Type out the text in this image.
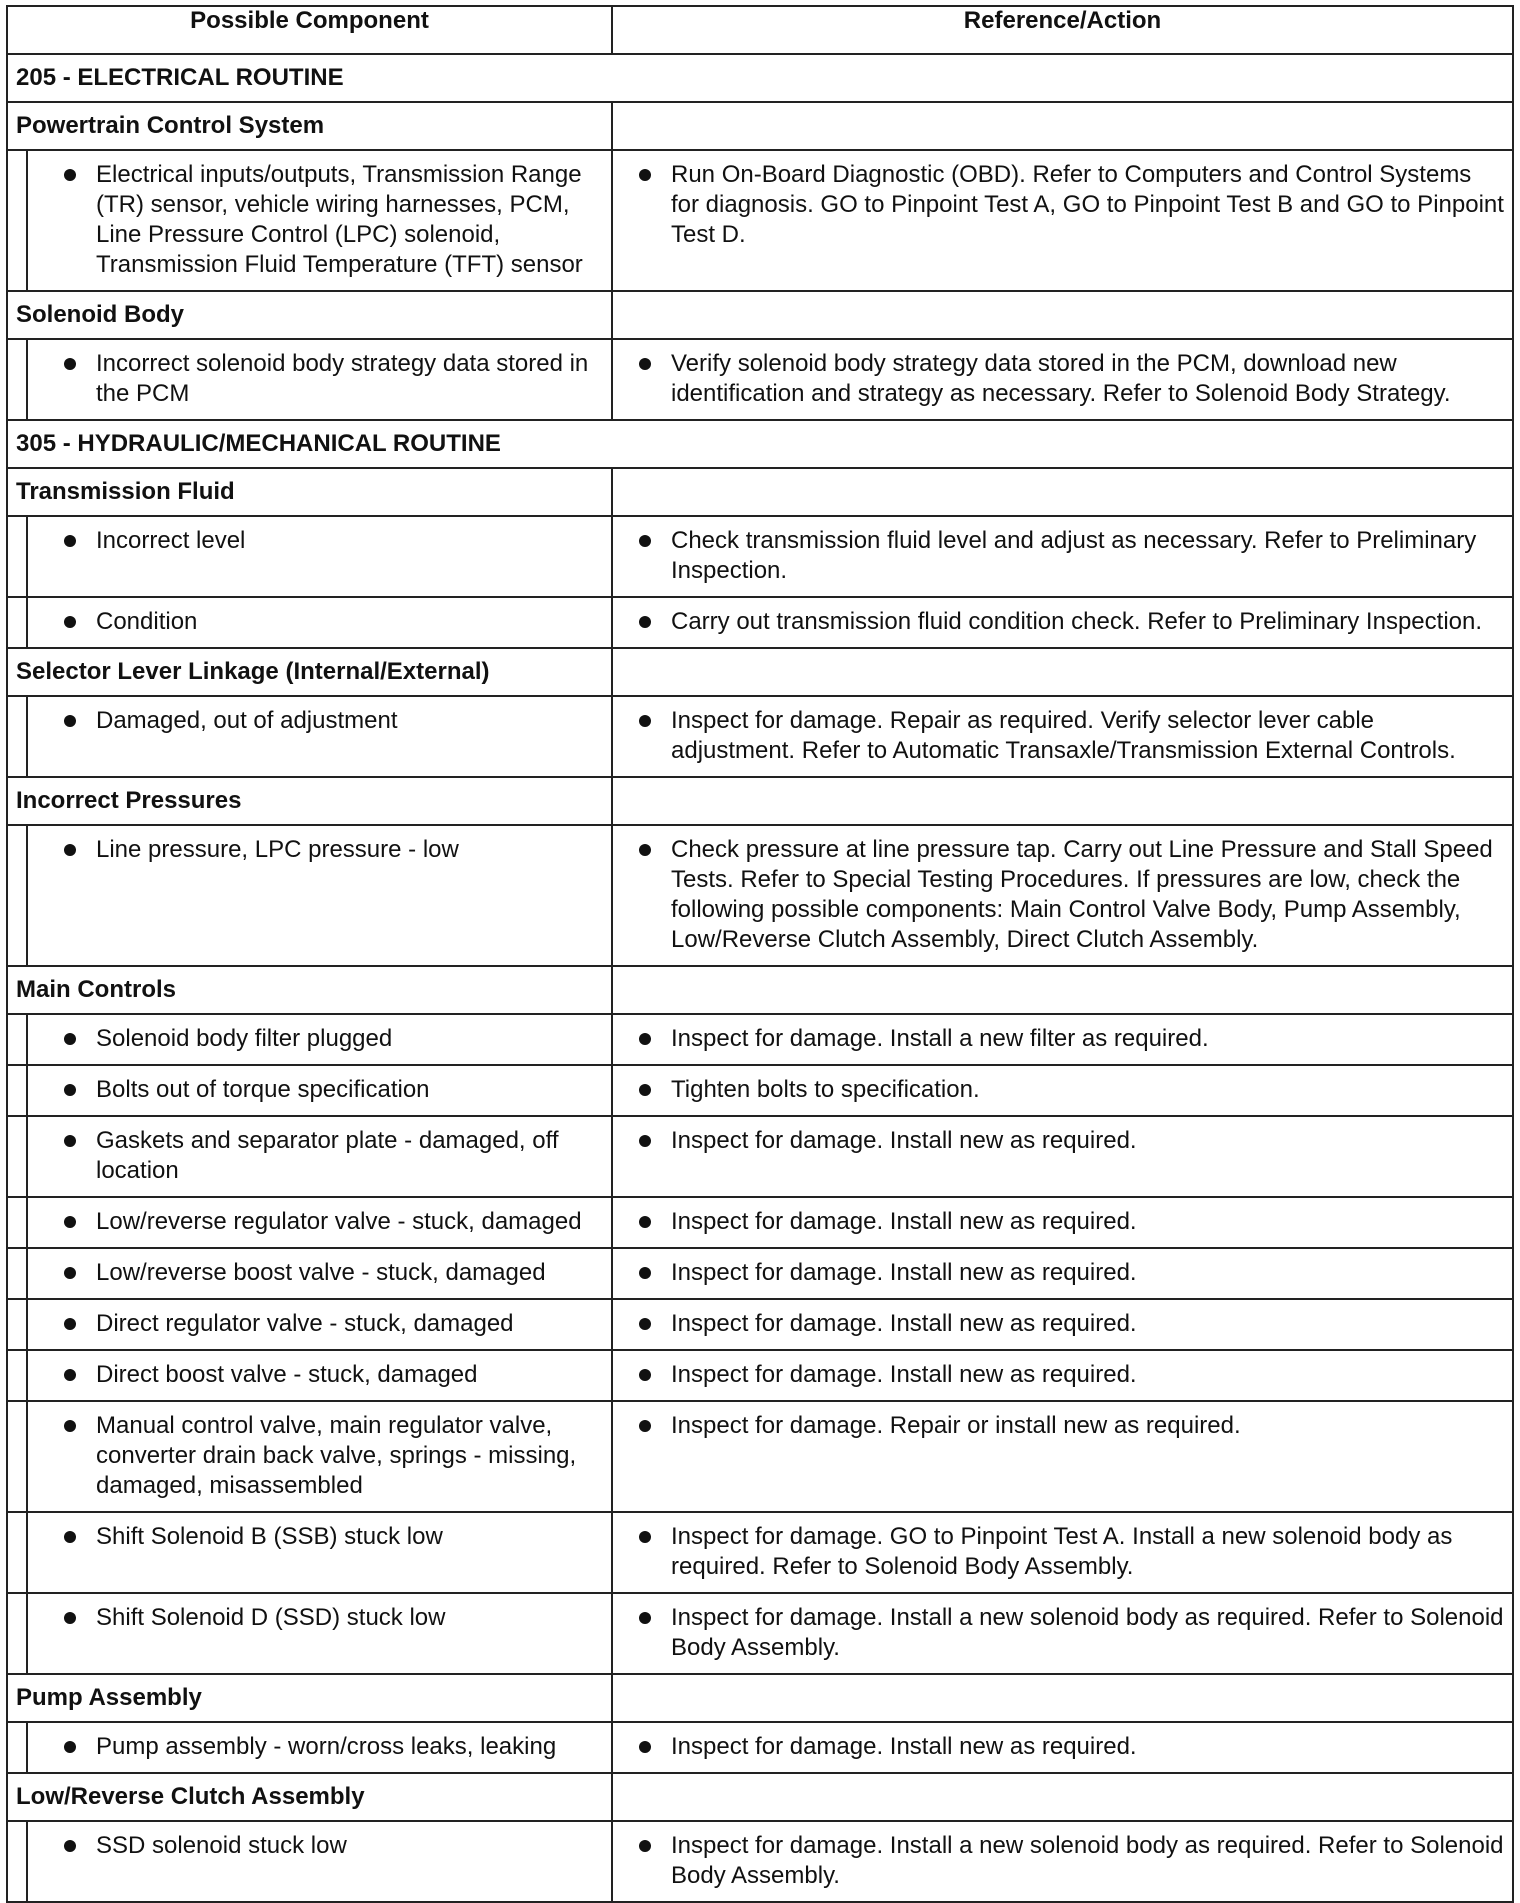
Possible Component		Reference/Action
205 - ELECTRICAL ROUTINE		
Powertrain Control System		

	Electrical inputs/outputs, Transmission Range (TR) sensor, vehicle wiring harnesses, PCM, Line Pressure Control (LPC) solenoid, Transmission Fluid Temperature (TFT) sensor	Run On-Board Diagnostic (OBD). Refer to Computers and Control Systems for diagnosis. GO to Pinpoint Test A, GO to Pinpoint Test B and GO to Pinpoint Test D.

Solenoid Body		

	Incorrect solenoid body strategy data stored in the PCM	Verify solenoid body strategy data stored in the PCM, download new identification and strategy as necessary. Refer to Solenoid Body Strategy.

305 - HYDRAULIC/MECHANICAL ROUTINE		
Transmission Fluid		

	Incorrect level	Check transmission fluid level and adjust as necessary. Refer to Preliminary Inspection.

	Condition	Carry out transmission fluid condition check. Refer to Preliminary Inspection.

Selector Lever Linkage (Internal/External)		

	Damaged, out of adjustment	Inspect for damage. Repair as required. Verify selector lever cable adjustment. Refer to Automatic Transaxle/Transmission External Controls.

Incorrect Pressures		

	Line pressure, LPC pressure - low	Check pressure at line pressure tap. Carry out Line Pressure and Stall Speed Tests. Refer to Special Testing Procedures. If pressures are low, check the following possible components: Main Control Valve Body, Pump Assembly, Low/Reverse Clutch Assembly, Direct Clutch Assembly.

Main Controls		

	Solenoid body filter plugged	Inspect for damage. Install a new filter as required.

	Bolts out of torque specification	Tighten bolts to specification.

	Gaskets and separator plate - damaged, off location	Inspect for damage. Install new as required.

	Low/reverse regulator valve - stuck, damaged	Inspect for damage. Install new as required.

	Low/reverse boost valve - stuck, damaged	Inspect for damage. Install new as required.

	Direct regulator valve - stuck, damaged	Inspect for damage. Install new as required.

	Direct boost valve - stuck, damaged	Inspect for damage. Install new as required.

	Manual control valve, main regulator valve, converter drain back valve, springs - missing, damaged, misassembled	Inspect for damage. Repair or install new as required.

	Shift Solenoid B (SSB) stuck low	Inspect for damage. GO to Pinpoint Test A. Install a new solenoid body as required. Refer to Solenoid Body Assembly.

	Shift Solenoid D (SSD) stuck low	Inspect for damage. Install a new solenoid body as required. Refer to Solenoid Body Assembly.

Pump Assembly		

	Pump assembly - worn/cross leaks, leaking	Inspect for damage. Install new as required.

Low/Reverse Clutch Assembly		

	SSD solenoid stuck low	Inspect for damage. Install a new solenoid body as required. Refer to Solenoid Body Assembly.
